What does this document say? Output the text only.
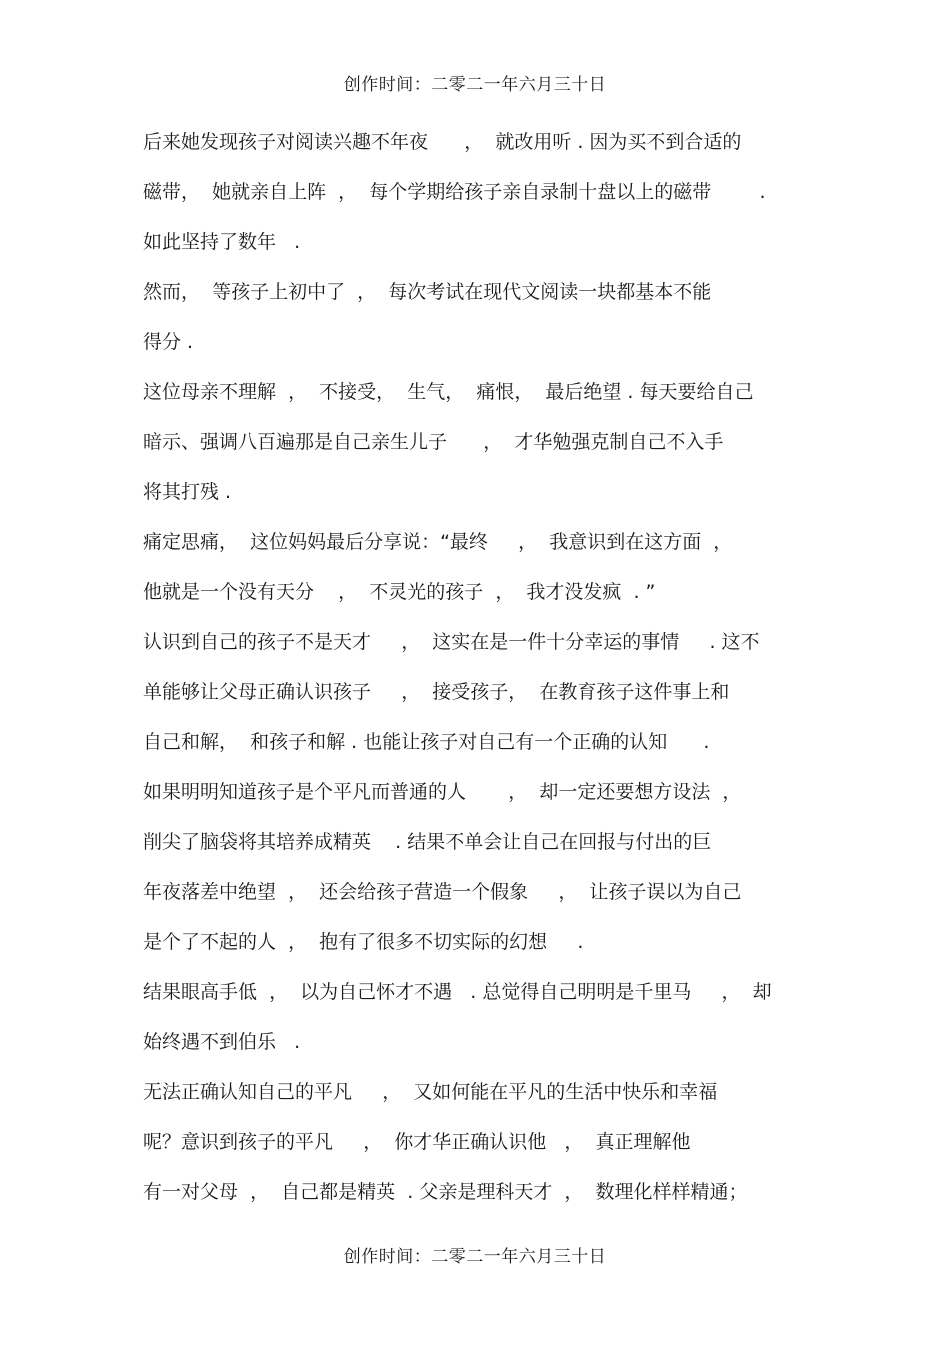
创作时间：二零二一年六月三十日
后来她发现孩子对阅读兴趣不年夜      ，  就改用听 . 因为买不到合适的
磁带，  她就亲自上阵  ，  每个学期给孩子亲自录制十盘以上的磁带        .
如此坚持了数年   .
然而，  等孩子上初中了  ，  每次考试在现代文阅读一块都基本不能
得分 .
这位母亲不理解  ，  不接受，  生气，  痛恨，  最后绝望 . 每天要给自己
暗示、强调八百遍那是自己亲生儿子      ，  才华勉强克制自己不入手
将其打残 .
痛定思痛，  这位妈妈最后分享说：“最终     ，  我意识到在这方面  ，
他就是一个没有天分    ，  不灵光的孩子  ，  我才没发疯  . ”
认识到自己的孩子不是天才     ，  这实在是一件十分幸运的事情     . 这不
单能够让父母正确认识孩子     ，  接受孩子，  在教育孩子这件事上和
自己和解，  和孩子和解 . 也能让孩子对自己有一个正确的认知      .
如果明明知道孩子是个平凡而普通的人       ，  却一定还要想方设法  ，
削尖了脑袋将其培养成精英    . 结果不单会让自己在回报与付出的巨
年夜落差中绝望  ，  还会给孩子营造一个假象     ，  让孩子误以为自己
是个了不起的人  ，  抱有了很多不切实际的幻想     .
结果眼高手低  ，  以为自己怀才不遇   . 总觉得自己明明是千里马     ，  却
始终遇不到伯乐   .
无法正确认知自己的平凡     ，  又如何能在平凡的生活中快乐和幸福
呢？意识到孩子的平凡     ，  你才华正确认识他   ，  真正理解他
有一对父母  ，  自己都是精英  . 父亲是理科天才  ，  数理化样样精通；
创作时间：二零二一年六月三十日
